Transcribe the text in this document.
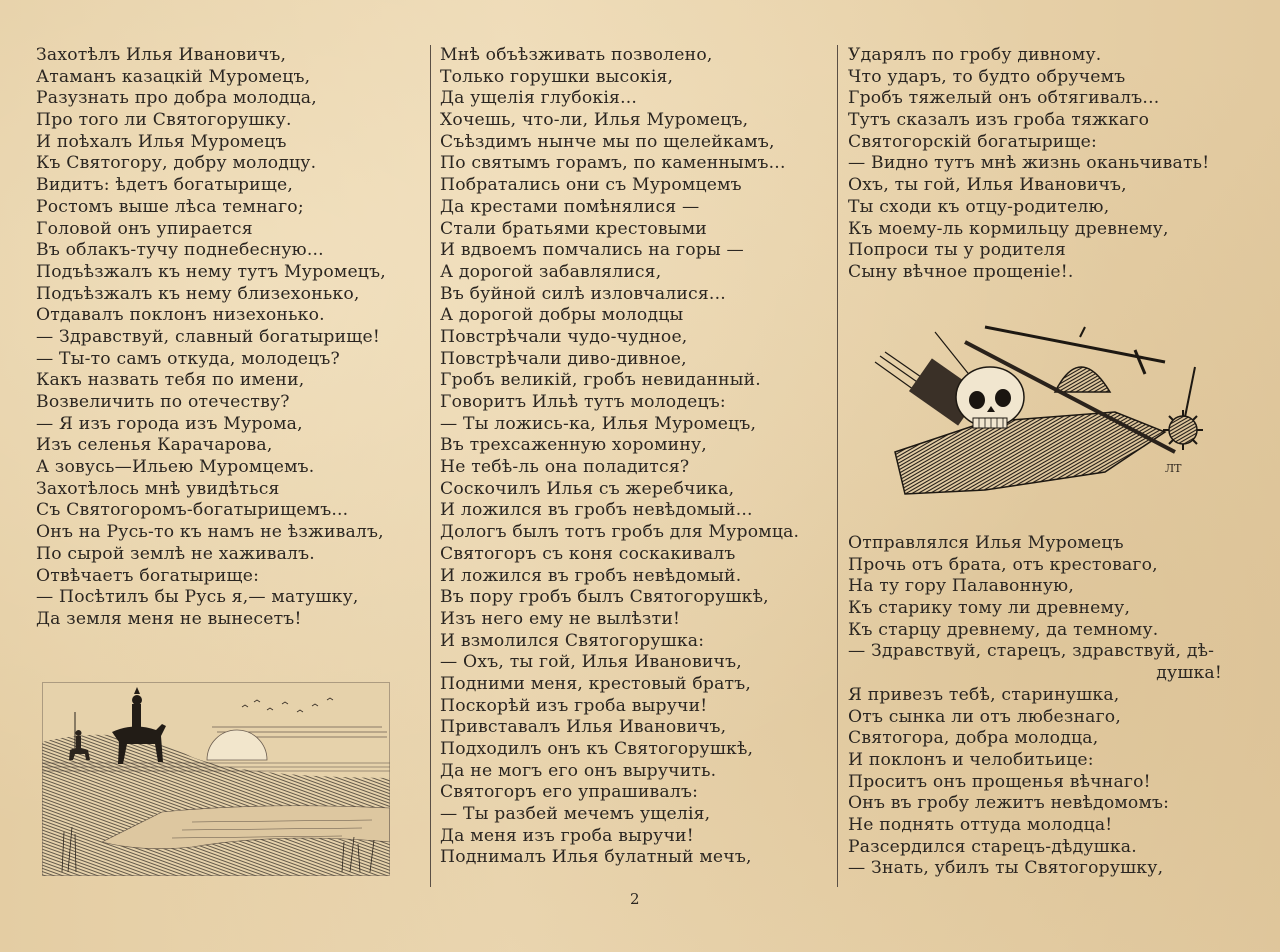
Захотѣлъ Илья Ивановичъ,
Атаманъ казацкій Муромецъ,
Разузнать про добра молодца,
Про того ли Святогорушку.
И поѣхалъ Илья Муромецъ
Къ Святогору, добру молодцу.
Видитъ: ѣдетъ богатырище,
Ростомъ выше лѣса темнаго;
Головой онъ упирается
Въ облакъ-тучу поднебесную...
Подъѣзжалъ къ нему тутъ Муромецъ,
Подъѣзжалъ къ нему близехонько,
Отдавалъ поклонъ низехонько.
— Здравствуй, славный богатырище!
— Ты-то самъ откуда, молодецъ?
Какъ назвать тебя по имени,
Возвеличить по отечеству?
— Я изъ города изъ Мурома,
Изъ селенья Карачарова,
А зовусь—Ильею Муромцемъ.
Захотѣлось мнѣ увидѣться
Съ Святогоромъ-богатырищемъ...
Онъ на Русь-то къ намъ не ѣзживалъ,
По сырой землѣ не хаживалъ.
Отвѣчаетъ богатырище:
— Посѣтилъ бы Русь я,— матушку,
Да земля меня не вынесетъ!
Мнѣ объѣзживать позволено,
Только горушки высокія,
Да ущелія глубокія...
Хочешь, что-ли, Илья Муромецъ,
Съѣздимъ нынче мы по щелейкамъ,
По святымъ горамъ, по каменнымъ...
Побратались они съ Муромцемъ
Да крестами помѣнялися —
Стали братьями крестовыми
И вдвоемъ помчались на горы —
А дорогой забавлялися,
Въ буйной силѣ изловчалися...
А дорогой добры молодцы
Повстрѣчали чудо-чудное,
Повстрѣчали диво-дивное,
Гробъ великій, гробъ невиданный.
Говоритъ Ильѣ тутъ молодецъ:
— Ты ложись-ка, Илья Муромецъ,
Въ трехсаженную хоромину,
Не тебѣ-ль она поладится?
Соскочилъ Илья съ жеребчика,
И ложился въ гробъ невѣдомый...
Дологъ былъ тотъ гробъ для Муромца.
Святогоръ съ коня соскакивалъ
И ложился въ гробъ невѣдомый.
Въ пору гробъ былъ Святогорушкѣ,
Изъ него ему не вылѣзти!
И взмолился Святогорушка:
— Охъ, ты гой, Илья Ивановичъ,
Подними меня, крестовый братъ,
Поскорѣй изъ гроба выручи!
Привставалъ Илья Ивановичъ,
Подходилъ онъ къ Святогорушкѣ,
Да не могъ его онъ выручить.
Святогоръ его упрашивалъ:
— Ты разбей мечемъ ущелія,
Да меня изъ гроба выручи!
Поднималъ Илья булатный мечъ,
Ударялъ по гробу дивному.
Что ударъ, то будто обручемъ
Гробъ тяжелый онъ обтягивалъ...
Тутъ сказалъ изъ гроба тяжкаго
Святогорскій богатырище:
— Видно тутъ мнѣ жизнь оканьчивать!
Охъ, ты гой, Илья Ивановичъ,
Ты сходи къ отцу-родителю,
Къ моему-ль кормильцу древнему,
Попроси ты у родителя
Сыну вѣчное прощеніе!.
Отправлялся Илья Муромецъ
Прочь отъ брата, отъ крестоваго,
На ту гору Палавонную,
Къ старику тому ли древнему,
Къ старцу древнему, да темному.
— Здравствуй, старецъ, здравствуй, дѣ-
душка!
Я привезъ тебѣ, старинушка,
Отъ сынка ли отъ любезнаго,
Святогора, добра молодца,
И поклонъ и челобитьице:
Проситъ онъ прощенья вѣчнаго!
Онъ въ гробу лежитъ невѣдомомъ:
Не поднять оттуда молодца!
Разсердился старецъ-дѣдушка.
— Знать, убилъ ты Святогорушку,
ЛТ
2
